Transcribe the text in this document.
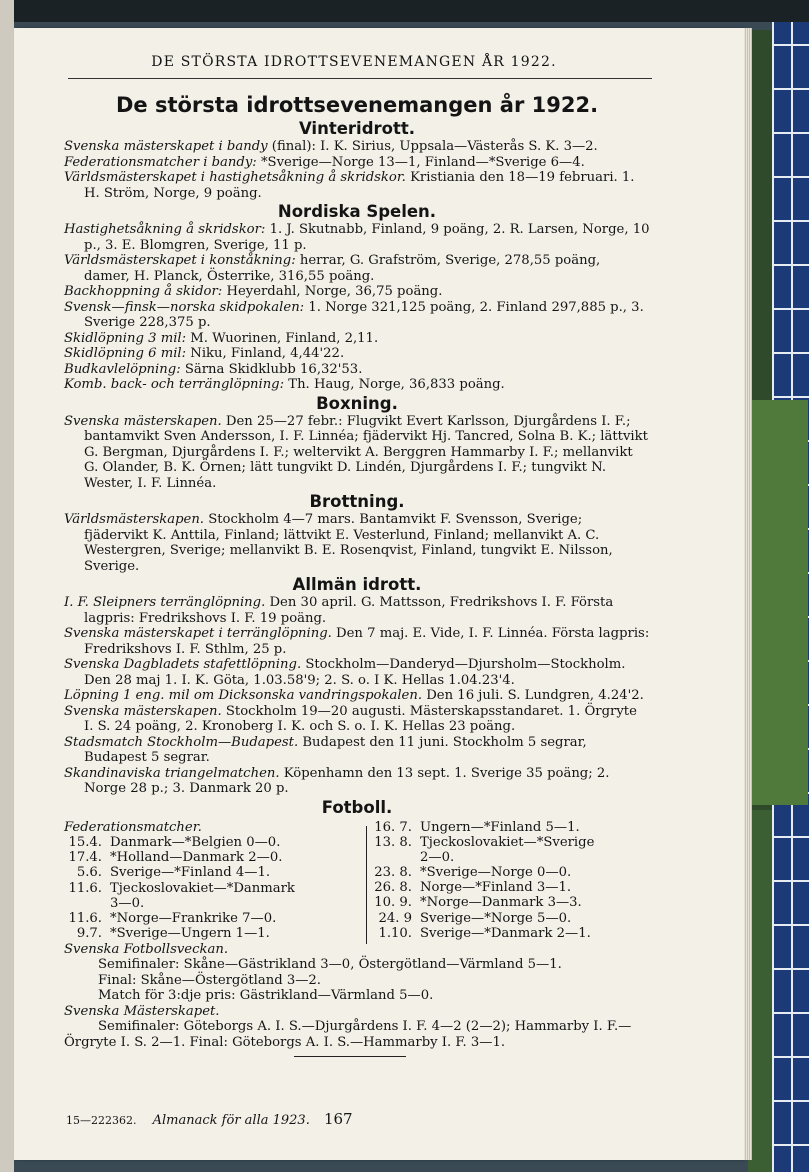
DE STÖRSTA IDROTTSEVENEMANGEN ÅR 1922.
De största idrottsevenemangen år 1922.
Vinteridrott.

Svenska mästerskapet i bandy (final): I. K. Sirius, Uppsala—Västerås S. K. 3—2.

Federationsmatcher i bandy: *Sverige—Norge 13—1, Finland—*Sverige 6—4.

Världsmästerskapet i hastighetsåkning å skridskor. Kristiania den 18—19 februari. 1. H. Ström, Norge, 9 poäng.

Nordiska Spelen.

Hastighetsåkning å skridskor: 1. J. Skutnabb, Finland, 9 poäng, 2. R. Larsen, Norge, 10 p., 3. E. Blomgren, Sverige, 11 p.

Världsmästerskapet i konståkning: herrar, G. Grafström, Sverige, 278,55 poäng, damer, H. Planck, Österrike, 316,55 poäng.

Backhoppning å skidor: Heyerdahl, Norge, 36,75 poäng.

Svensk—finsk—norska skidpokalen: 1. Norge 321,125 poäng, 2. Finland 297,885 p., 3. Sverige 228,375 p.

Skidlöpning 3 mil: M. Wuorinen, Finland, 2,11.

Skidlöpning 6 mil: Niku, Finland, 4,44'22.

Budkavlelöpning: Särna Skidklubb 16,32'53.

Komb. back- och terränglöpning: Th. Haug, Norge, 36,833 poäng.

Boxning.

Svenska mästerskapen. Den 25—27 febr.: Flugvikt Evert Karlsson, Djurgårdens I. F.; bantamvikt Sven Andersson, I. F. Linnéa; fjädervikt Hj. Tancred, Solna B. K.; lättvikt G. Bergman, Djurgårdens I. F.; weltervikt A. Berggren Hammarby I. F.; mellanvikt G. Olander, B. K. Örnen; lätt tungvikt D. Lindén, Djurgårdens I. F.; tungvikt N. Wester, I. F. Linnéa.

Brottning.

Världsmästerskapen. Stockholm 4—7 mars. Bantamvikt F. Svensson, Sverige; fjädervikt K. Anttila, Finland; lättvikt E. Vesterlund, Finland; mellanvikt A. C. Westergren, Sverige; mellanvikt B. E. Rosenqvist, Finland, tungvikt E. Nilsson, Sverige.

Allmän idrott.

I. F. Sleipners terränglöpning. Den 30 april. G. Mattsson, Fredrikshovs I. F. Första lagpris: Fredrikshovs I. F. 19 poäng.

Svenska mästerskapet i terränglöpning. Den 7 maj. E. Vide, I. F. Linnéa. Första lagpris: Fredrikshovs I. F. Sthlm, 25 p.

Svenska Dagbladets stafettlöpning. Stockholm—Danderyd—Djursholm—Stockholm. Den 28 maj 1. I. K. Göta, 1.03.58'9; 2. S. o. I K. Hellas 1.04.23'4.

Löpning 1 eng. mil om Dicksonska vandringspokalen. Den 16 juli. S. Lundgren, 4.24'2.

Svenska mästerskapen. Stockholm 19—20 augusti. Mästerskapsstandaret. 1. Örgryte I. S. 24 poäng, 2. Kronoberg I. K. och S. o. I. K. Hellas 23 poäng.

Stadsmatch Stockholm—Budapest. Budapest den 11 juni. Stockholm 5 segrar, Budapest 5 segrar.

Skandinaviska triangelmatchen. Köpenhamn den 13 sept. 1. Sverige 35 poäng; 2. Norge 28 p.; 3. Danmark 20 p.

Fotboll.
Federationsmatcher.
15.4. Danmark—*Belgien 0—0.
17.4. *Holland—Danmark 2—0.
5.6. Sverige—*Finland 4—1.
11.6. Tjeckoslovakiet—*Danmark
3—0.
11.6. *Norge—Frankrike 7—0.
9.7. *Sverige—Ungern 1—1.
16. 7. Ungern—*Finland 5—1.
13. 8. Tjeckoslovakiet—*Sverige
2—0.
23. 8. *Sverige—Norge 0—0.
26. 8. Norge—*Finland 3—1.
10. 9. *Norge—Danmark 3—3.
24. 9 Sverige—*Norge 5—0.
1.10. Sverige—*Danmark 2—1.

Svenska Fotbollsveckan.

Semifinaler: Skåne—Gästrikland 3—0, Östergötland—Värmland 5—1.

Final: Skåne—Östergötland 3—2.

Match för 3:dje pris: Gästrikland—Värmland 5—0.

Svenska Mästerskapet.

Semifinaler: Göteborgs A. I. S.—Djurgårdens I. F. 4—2 (2—2); Hammarby I. F.—Örgryte I. S. 2—1. Final: Göteborgs A. I. S.—Hammarby I. F. 3—1.

15—222362. Almanack för alla 1923. 167
